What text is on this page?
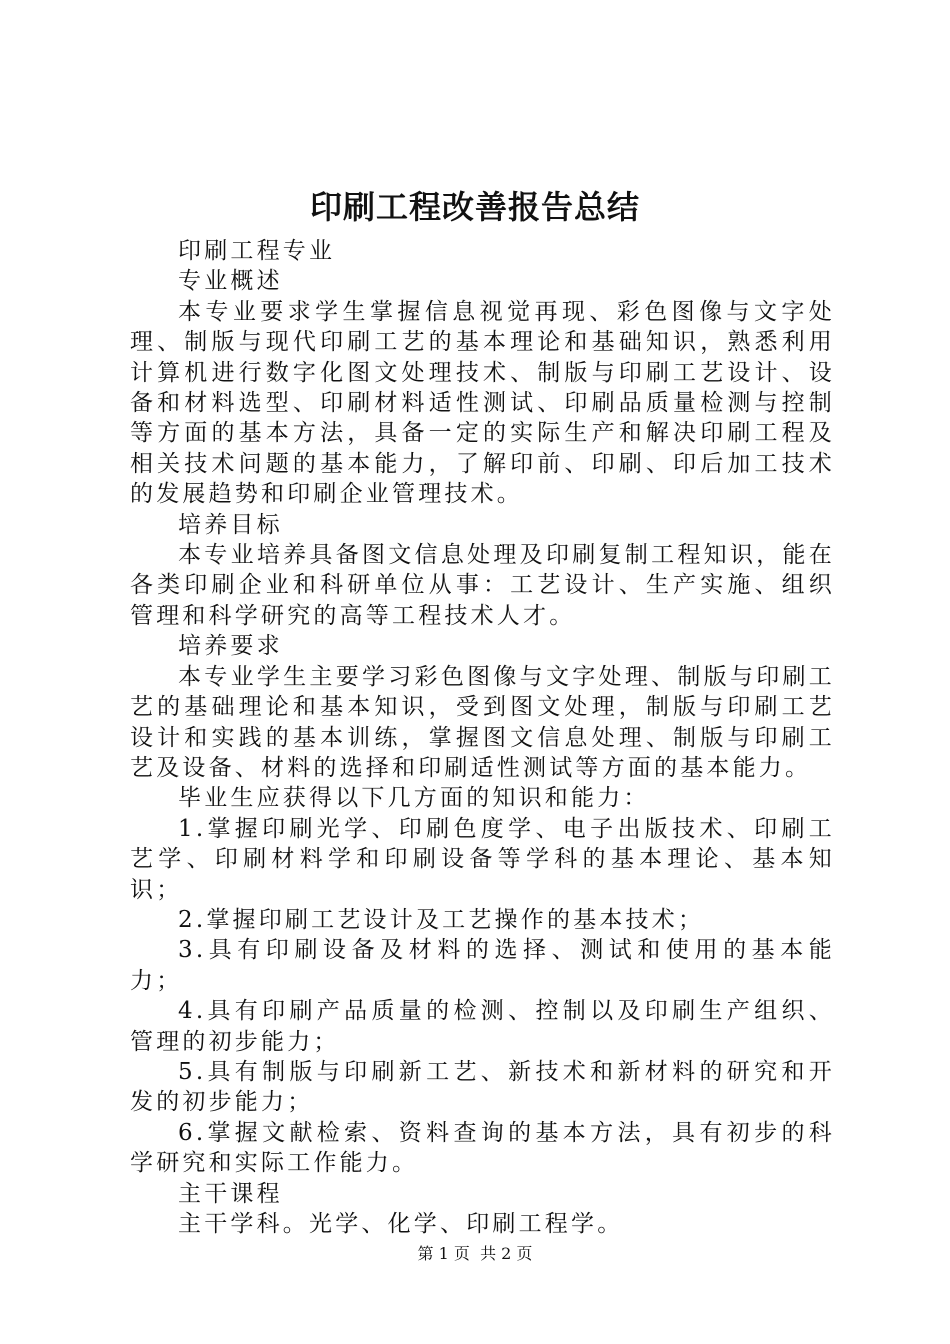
印刷工程改善报告总结

印刷工程专业

专业概述

本专业要求学生掌握信息视觉再现、彩色图像与文字处理、制版与现代印刷工艺的基本理论和基础知识，熟悉利用计算机进行数字化图文处理技术、制版与印刷工艺设计、设备和材料选型、印刷材料适性测试、印刷品质量检测与控制等方面的基本方法，具备一定的实际生产和解决印刷工程及相关技术问题的基本能力，了解印前、印刷、印后加工技术的发展趋势和印刷企业管理技术。

培养目标

本专业培养具备图文信息处理及印刷复制工程知识，能在各类印刷企业和科研单位从事：工艺设计、生产实施、组织管理和科学研究的高等工程技术人才。

培养要求

本专业学生主要学习彩色图像与文字处理、制版与印刷工艺的基础理论和基本知识，受到图文处理，制版与印刷工艺设计和实践的基本训练，掌握图文信息处理、制版与印刷工艺及设备、材料的选择和印刷适性测试等方面的基本能力。

毕业生应获得以下几方面的知识和能力：

1.掌握印刷光学、印刷色度学、电子出版技术、印刷工艺学、印刷材料学和印刷设备等学科的基本理论、基本知识；

2.掌握印刷工艺设计及工艺操作的基本技术；

3.具有印刷设备及材料的选择、测试和使用的基本能力；

4.具有印刷产品质量的检测、控制以及印刷生产组织、管理的初步能力；

5.具有制版与印刷新工艺、新技术和新材料的研究和开发的初步能力；

6.掌握文献检索、资料查询的基本方法，具有初步的科学研究和实际工作能力。

主干课程

主干学科。光学、化学、印刷工程学。

第 1 页  共 2 页
